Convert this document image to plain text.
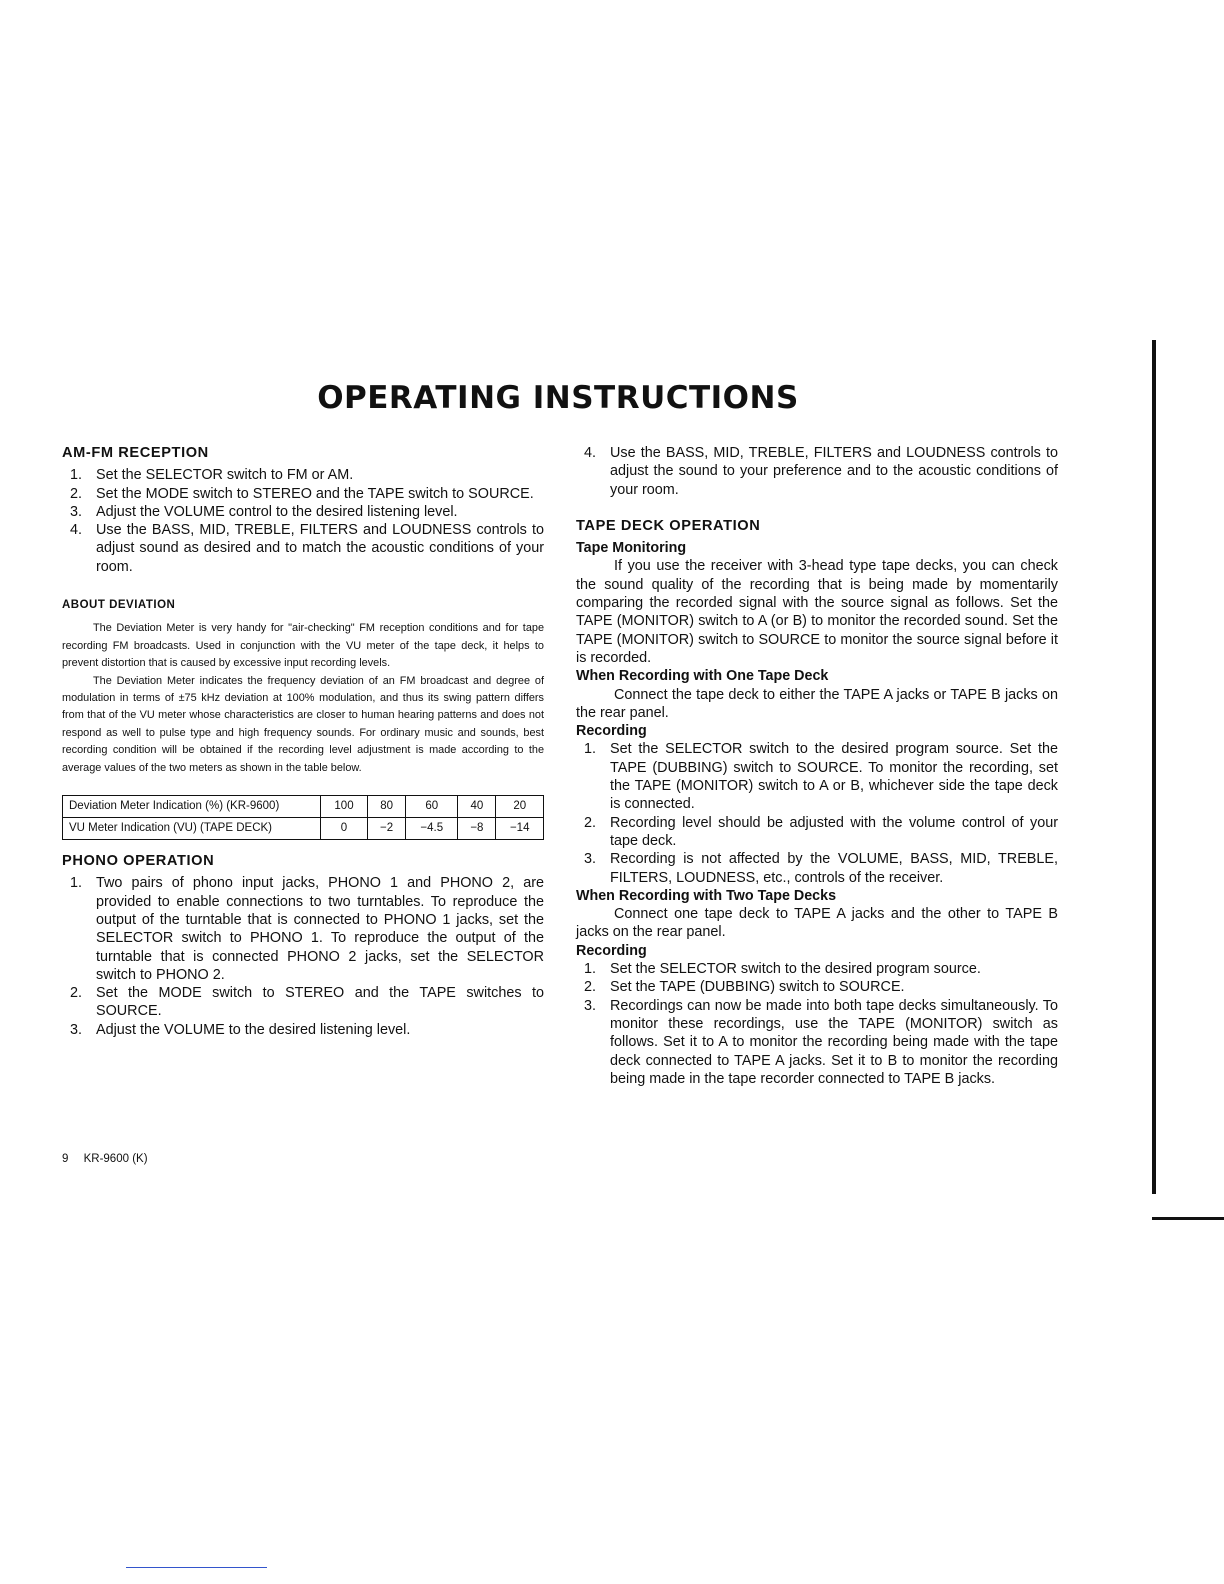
OPERATING INSTRUCTIONS
AM-FM RECEPTION
1. Set the SELECTOR switch to FM or AM.
2. Set the MODE switch to STEREO and the TAPE switch to SOURCE.
3. Adjust the VOLUME control to the desired listening level.
4. Use the BASS, MID, TREBLE, FILTERS and LOUDNESS controls to adjust sound as desired and to match the acoustic conditions of your room.
ABOUT DEVIATION

The Deviation Meter is very handy for "air-checking" FM reception conditions and for tape recording FM broadcasts. Used in conjunction with the VU meter of the tape deck, it helps to prevent distortion that is caused by excessive input recording levels.

The Deviation Meter indicates the frequency deviation of an FM broadcast and degree of modulation in terms of ±75 kHz deviation at 100% modulation, and thus its swing pattern differs from that of the VU meter whose characteristics are closer to human hearing patterns and does not respond as well to pulse type and high frequency sounds. For ordinary music and sounds, best recording condition will be obtained if the recording level adjustment is made according to the average values of the two meters as shown in the table below.

Deviation Meter Indication (%) (KR-9600)	100	80	60	40	20
VU Meter Indication (VU) (TAPE DECK)	0	−2	−4.5	−8	−14
PHONO OPERATION
1. Two pairs of phono input jacks, PHONO 1 and PHONO 2, are provided to enable connections to two turntables. To reproduce the output of the turntable that is connected to PHONO 1 jacks, set the SELECTOR switch to PHONO 1. To reproduce the output of the turntable that is connected PHONO 2 jacks, set the SELECTOR switch to PHONO 2.
2. Set the MODE switch to STEREO and the TAPE switches to SOURCE.
3. Adjust the VOLUME to the desired listening level.
4. Use the BASS, MID, TREBLE, FILTERS and LOUDNESS controls to adjust the sound to your preference and to the acoustic conditions of your room.
TAPE DECK OPERATION
Tape Monitoring

If you use the receiver with 3-head type tape decks, you can check the sound quality of the recording that is being made by momentarily comparing the recorded signal with the source signal as follows. Set the TAPE (MONITOR) switch to A (or B) to monitor the recorded sound. Set the TAPE (MONITOR) switch to SOURCE to monitor the source signal before it is recorded.

When Recording with One Tape Deck

Connect the tape deck to either the TAPE A jacks or TAPE B jacks on the rear panel.

Recording
1. Set the SELECTOR switch to the desired program source. Set the TAPE (DUBBING) switch to SOURCE. To monitor the recording, set the TAPE (MONITOR) switch to A or B, whichever side the tape deck is connected.
2. Recording level should be adjusted with the volume control of your tape deck.
3. Recording is not affected by the VOLUME, BASS, MID, TREBLE, FILTERS, LOUDNESS, etc., controls of the receiver.
When Recording with Two Tape Decks

Connect one tape deck to TAPE A jacks and the other to TAPE B jacks on the rear panel.

Recording
1. Set the SELECTOR switch to the desired program source.
2. Set the TAPE (DUBBING) switch to SOURCE.
3. Recordings can now be made into both tape decks simultaneously. To monitor these recordings, use the TAPE (MONITOR) switch as follows. Set it to A to monitor the recording being made with the tape deck connected to TAPE A jacks. Set it to B to monitor the recording being made in the tape recorder connected to TAPE B jacks.
9 KR-9600 (K)
